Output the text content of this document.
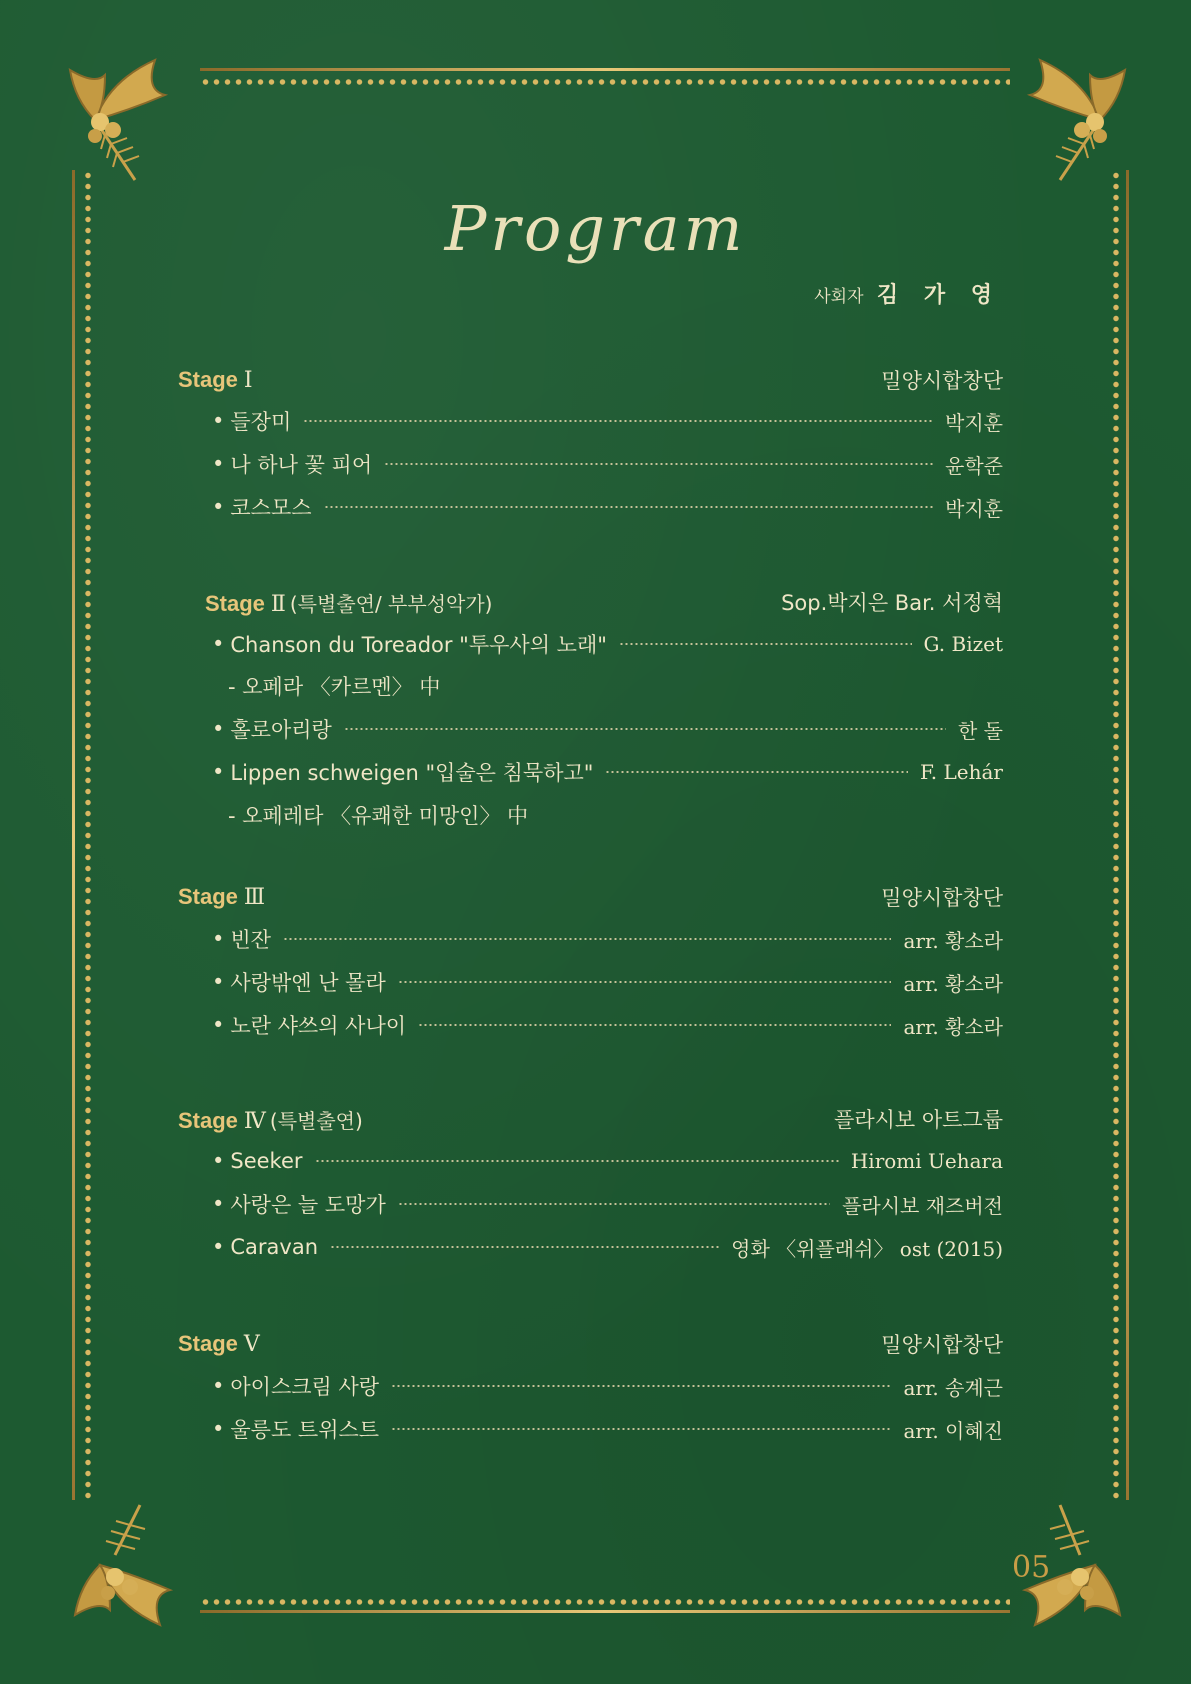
Program
사회자 김 가 영
Stage Ⅰ	밀양시합창단
• 들장미	박지훈
• 나 하나 꽃 피어	윤학준
• 코스모스	박지훈
Stage Ⅱ (특별출연/ 부부성악가)	Sop.박지은 Bar. 서정혁
• Chanson du Toreador "투우사의 노래"	G. Bizet
- 오페라 〈카르멘〉 中
• 홀로아리랑	한 돌
• Lippen schweigen "입술은 침묵하고"	F. Lehár
- 오페레타 〈유쾌한 미망인〉 中
Stage Ⅲ	밀양시합창단
• 빈잔	arr. 황소라
• 사랑밖엔 난 몰라	arr. 황소라
• 노란 샤쓰의 사나이	arr. 황소라
Stage Ⅳ (특별출연)	플라시보 아트그룹
• Seeker	Hiromi Uehara
• 사랑은 늘 도망가	플라시보 재즈버전
• Caravan	영화 〈위플래쉬〉 ost (2015)
Stage Ⅴ	밀양시합창단
• 아이스크림 사랑	arr. 송계근
• 울릉도 트위스트	arr. 이혜진
05
